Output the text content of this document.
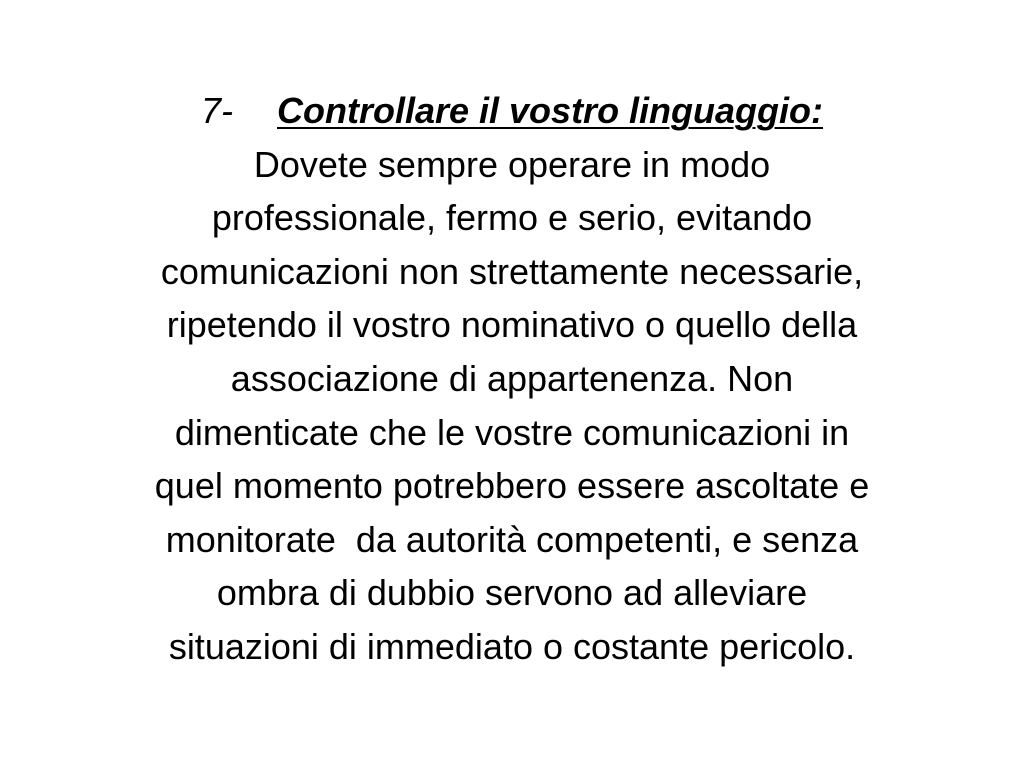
7- Controllare il vostro linguaggio:
Dovete sempre operare in modo
professionale, fermo e serio, evitando
comunicazioni non strettamente necessarie,
ripetendo il vostro nominativo o quello della
associazione di appartenenza. Non
dimenticate che le vostre comunicazioni in
quel momento potrebbero essere ascoltate e
monitorate  da autorità competenti, e senza
ombra di dubbio servono ad alleviare
situazioni di immediato o costante pericolo.
